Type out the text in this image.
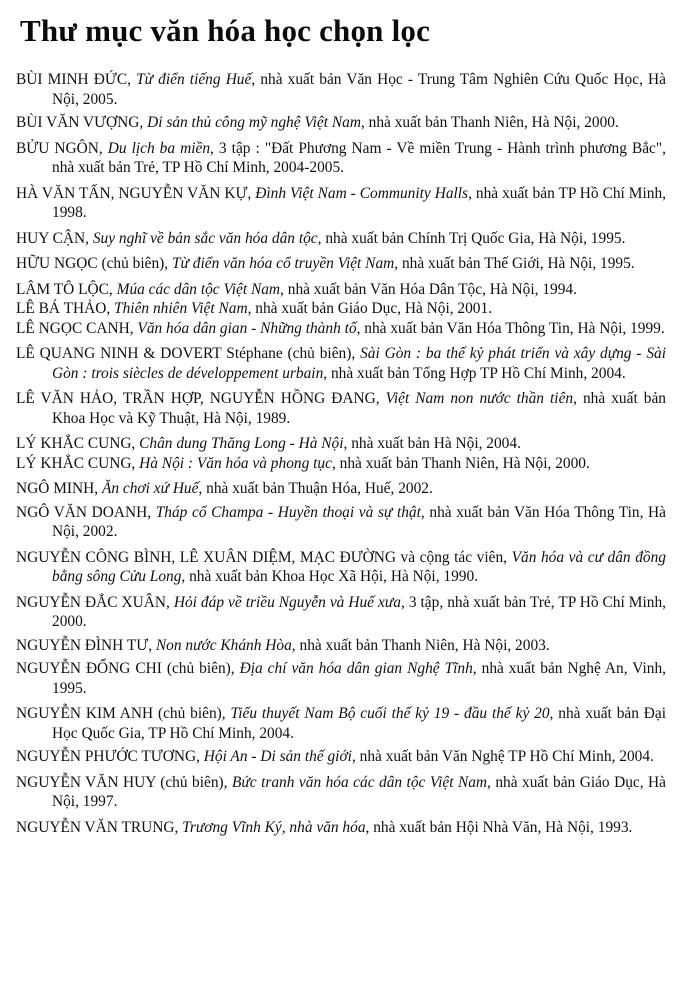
Thư mục văn hóa học chọn lọc
BÙI MINH ĐỨC, Từ điển tiếng Huế, nhà xuất bản Văn Học - Trung Tâm Nghiên Cứu Quốc Học, Hà Nội, 2005.
BÙI VĂN VƯỢNG, Di sản thủ công mỹ nghệ Việt Nam, nhà xuất bản Thanh Niên, Hà Nội, 2000.
BỬU NGÔN, Du lịch ba miền, 3 tập : "Đất Phương Nam - Về miền Trung - Hành trình phương Bắc", nhà xuất bản Trẻ, TP Hồ Chí Minh, 2004-2005.
HÀ VĂN TẤN, NGUYỄN VĂN KỰ, Đình Việt Nam - Community Halls, nhà xuất bản TP Hồ Chí Minh, 1998.
HUY CẬN, Suy nghĩ về bản sắc văn hóa dân tộc, nhà xuất bản Chính Trị Quốc Gia, Hà Nội, 1995.
HỮU NGỌC (chủ biên), Từ điển văn hóa cổ truyền Việt Nam, nhà xuất bản Thế Giới, Hà Nội, 1995.
LÂM TÔ LỘC, Múa các dân tộc Việt Nam, nhà xuất bản Văn Hóa Dân Tộc, Hà Nội, 1994.
LÊ BÁ THẢO, Thiên nhiên Việt Nam, nhà xuất bản Giáo Dục, Hà Nội, 2001.
LÊ NGỌC CANH, Văn hóa dân gian - Những thành tố, nhà xuất bản Văn Hóa Thông Tin, Hà Nội, 1999.
LÊ QUANG NINH & DOVERT Stéphane (chủ biên), Sài Gòn : ba thế kỷ phát triển và xây dựng - Sài Gòn : trois siècles de développement urbain, nhà xuất bản Tổng Hợp TP Hồ Chí Minh, 2004.
LÊ VĂN HẢO, TRẦN HỢP, NGUYỄN HỒNG ĐANG, Việt Nam non nước thần tiên, nhà xuất bản Khoa Học và Kỹ Thuật, Hà Nội, 1989.
LÝ KHẮC CUNG, Chân dung Thăng Long - Hà Nội, nhà xuất bản Hà Nội, 2004.
LÝ KHẮC CUNG, Hà Nội : Văn hóa và phong tục, nhà xuất bản Thanh Niên, Hà Nội, 2000.
NGÔ MINH, Ăn chơi xứ Huế, nhà xuất bản Thuận Hóa, Huế, 2002.
NGÔ VĂN DOANH, Tháp cổ Champa - Huyền thoại và sự thật, nhà xuất bản Văn Hóa Thông Tin, Hà Nội, 2002.
NGUYỄN CÔNG BÌNH, LÊ XUÂN DIỆM, MẠC ĐƯỜNG và cộng tác viên, Văn hóa và cư dân đồng bằng sông Cửu Long, nhà xuất bản Khoa Học Xã Hội, Hà Nội, 1990.
NGUYỄN ĐẮC XUÂN, Hỏi đáp về triều Nguyễn và Huế xưa, 3 tập, nhà xuất bản Trẻ, TP Hồ Chí Minh, 2000.
NGUYỄN ĐÌNH TƯ, Non nước Khánh Hòa, nhà xuất bản Thanh Niên, Hà Nội, 2003.
NGUYỄN ĐỔNG CHI (chủ biên), Địa chí văn hóa dân gian Nghệ Tĩnh, nhà xuất bản Nghệ An, Vinh, 1995.
NGUYỄN KIM ANH (chủ biên), Tiểu thuyết Nam Bộ cuối thế kỷ 19 - đầu thế kỷ 20, nhà xuất bản Đại Học Quốc Gia, TP Hồ Chí Minh, 2004.
NGUYỄN PHƯỚC TƯƠNG, Hội An - Di sản thế giới, nhà xuất bản Văn Nghệ TP Hồ Chí Minh, 2004.
NGUYỄN VĂN HUY (chủ biên), Bức tranh văn hóa các dân tộc Việt Nam, nhà xuất bản Giáo Dục, Hà Nội, 1997.
NGUYỄN VĂN TRUNG, Trương Vĩnh Ký, nhà văn hóa, nhà xuất bản Hội Nhà Văn, Hà Nội, 1993.
